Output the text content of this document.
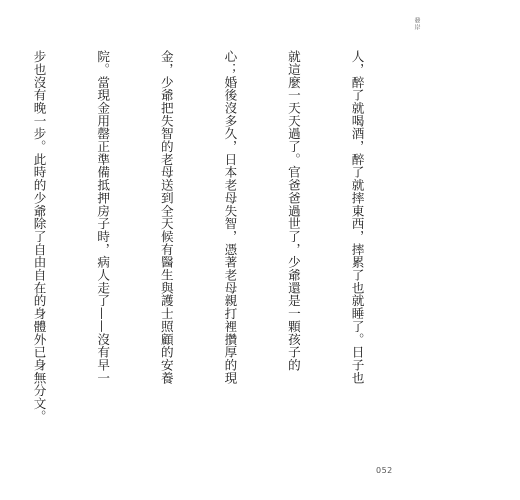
發岸

人，醉了就喝酒，醉了就摔東西，摔累了也就睡了。日子也

就這麼一天天過了。官爸爸過世了，少爺還是一顆孩子的

心；婚後沒多久，日本老母失智，憑著老母親打裡攢厚的現

金，少爺把失智的老母送到全天候有醫生與護士照顧的安養

院。當現金用罄正準備抵押房子時，病人走了——沒有早一

步也沒有晚一步。此時的少爺除了自由自在的身體外已身無分文。

052
